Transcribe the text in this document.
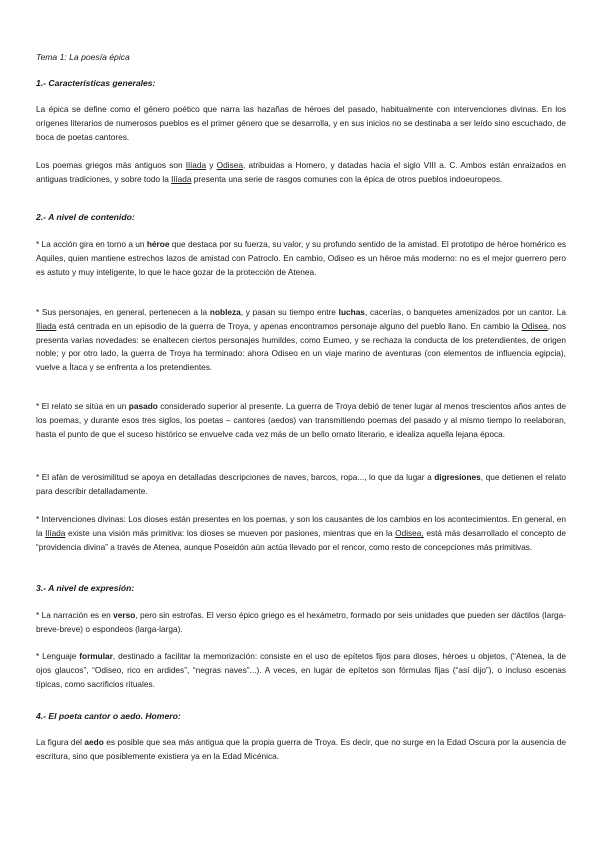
Tema 1: La poesía épica
1.- Características generales:

La épica se define como el género poético que narra las hazañas de héroes del pasado, habitualmente con intervenciones divinas. En los orígenes literarios de numerosos pueblos es el primer género que se desarrolla, y en sus inicios no se destinaba a ser leído sino escuchado, de boca de poetas cantores.

Los poemas griegos más antiguos son Ilíada y Odisea, atribuidas a Homero, y datadas hacia el siglo VIII a. C. Ambos están enraizados en antiguas tradiciones, y sobre todo la Ilíada presenta una serie de rasgos comunes con la épica de otros pueblos indoeuropeos.

2.- A nivel de contenido:

* La acción gira en torno a un héroe que destaca por su fuerza, su valor, y su profundo sentido de la amistad. El prototipo de héroe homérico es Aquiles, quien mantiene estrechos lazos de amistad con Patroclo. En cambio, Odiseo es un héroe más moderno: no es el mejor guerrero pero es astuto y muy inteligente, lo que le hace gozar de la protección de Atenea.

* Sus personajes, en general, pertenecen a la nobleza, y pasan su tiempo entre luchas, cacerías, o banquetes amenizados por un cantor. La Ilíada está centrada en un episodio de la guerra de Troya, y apenas encontramos personaje alguno del pueblo llano. En cambio la Odisea, nos presenta varias novedades: se enaltecen ciertos personajes humildes, como Eumeo, y se rechaza la conducta de los pretendientes, de origen noble; y por otro lado, la guerra de Troya ha terminado: ahora Odiseo en un viaje marino de aventuras (con elementos de influencia egipcia), vuelve a Ítaca y se enfrenta a los pretendientes.

* El relato se sitúa en un pasado considerado superior al presente. La guerra de Troya debió de tener lugar al menos trescientos años antes de los poemas, y durante esos tres siglos, los poetas – cantores (aedos) van transmitiendo poemas del pasado y al mismo tiempo lo reelaboran, hasta el punto de que el suceso histórico se envuelve cada vez más de un bello ornato literario, e idealiza aquella lejana época.

* El afán de verosimilitud se apoya en detalladas descripciones de naves, barcos, ropa..., lo que da lugar a digresiones, que detienen el relato para describir detalladamente.

* Intervenciones divinas: Los dioses están presentes en los poemas, y son los causantes de los cambios en los acontecimientos. En general, en la Ilíada existe una visión más primitiva: los dioses se mueven por pasiones, mientras que en la Odisea, está más desarrollado el concepto de “providencia divina” a través de Atenea, aunque Poseidón aún actúa llevado por el rencor, como resto de concepciones más primitivas.

3.- A nivel de expresión:

* La narración es en verso, pero sin estrofas. El verso épico griego es el hexámetro, formado por seis unidades que pueden ser dáctilos (larga-breve-breve) o espondeos (larga-larga).

* Lenguaje formular, destinado a facilitar la memorización: consiste en el uso de epítetos fijos para dioses, héroes u objetos, (“Atenea, la de ojos glaucos”, “Odiseo, rico en ardides”, “negras naves”...). A veces, en lugar de epítetos son fórmulas fijas (“así dijo”), o incluso escenas típicas, como sacrificios rituales.

4.- El poeta cantor o aedo. Homero:

La figura del aedo es posible que sea más antigua que la propia guerra de Troya. Es decir, que no surge en la Edad Oscura por la ausencia de escritura, sino que posiblemente existiera ya en la Edad Micénica.
